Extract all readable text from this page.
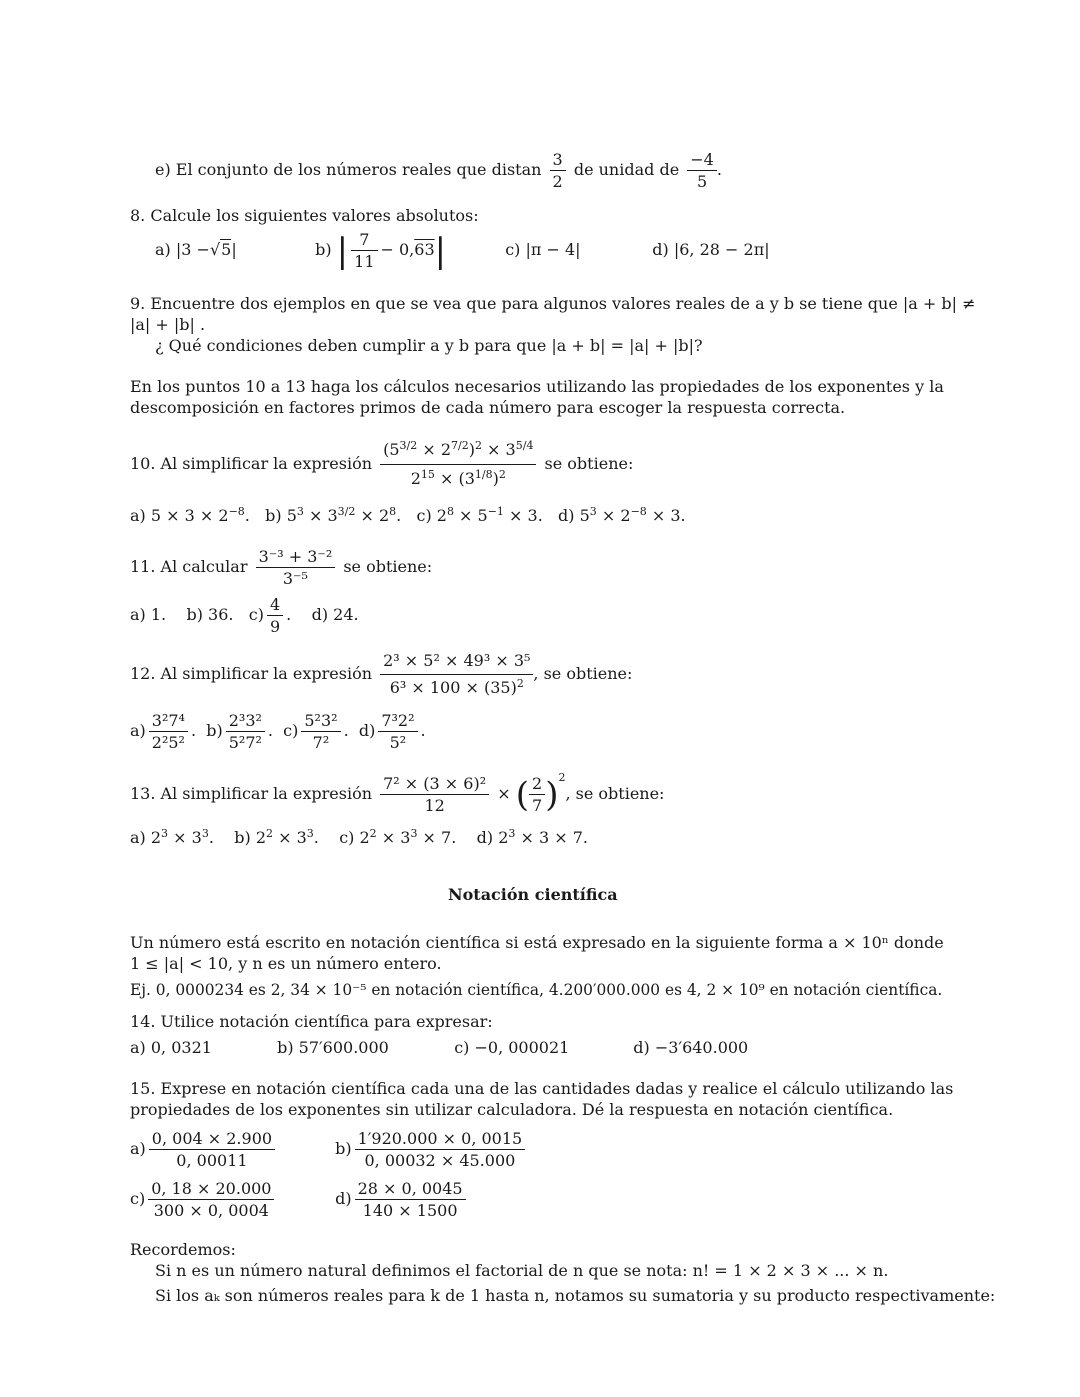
e) El conjunto de los números reales que distan $\frac{3}{2}$ de unidad de $\frac{-4}{5}$ .
8. Calcule los siguientes valores absolutos:
a) |3 −√5|	b) | $\frac{7}{11} - 0,63|$	c) |π − 4|	d) |6, 28 − 2π|
9. Encuentre dos ejemplos en que se vea que para algunos valores reales de a y b se tiene que |a + b| ≠
|a| + |b| .
¿ Qué condiciones deben cumplir a y b para que |a + b| = |a| + |b|?
En los puntos 10 a 13 haga los cálculos necesarios utilizando las propiedades de los exponentes y la
descomposición en factores primos de cada número para escoger la respuesta correcta.
10. Al simplificar la expresión $\frac{(5^{3/2} \times 2^{7/2})^2 \times 3^{5/4}}{2^{15} \times (3^{1/8})^2}$ se obtiene:
a) $5 \times 3 \times 2^{-8}$. b) $5^3 \times 3^{3/2} \times 2^8$. c) $2^8 \times 5^{-1} \times 3$. d) $5^3 \times 2^{-8} \times 3$.
11. Al calcular $\frac{\text{3⁻³ + 3⁻²}}{\text{3⁻⁵}}$ se obtiene:
a) 1. b) 36. $c) \frac{4}{9}$ . d) 24.
12. Al simplificar la expresión $\frac{\text{2³ × 5² × 49³ × 3⁵}}{6^3 \times 100 \times (35)^2}$ , se obtiene:
$a) \frac{\text{3²7⁴}}{\text{2²5²}}$ . $b) \frac{\text{2³3²}}{\text{5²7²}}$ . $c) \frac{\text{5²3²}}{\text{7²}}$ . $d) \frac{\text{7³2²}}{\text{5²}}$ .
13. Al simplificar la expresión $\frac{\text{7² × (3 × 6)²}}{12}$ × ( $\frac{2}{7} )^2$, se obtiene:
a) $2^3 \times 3^3$. b) $2^2 \times 3^3$. c) $2^2 \times 3^3 \times 7$. d) $2^3 \times 3 \times 7$.
Notación científica
Un número está escrito en notación científica si está expresado en la siguiente forma a × 10ⁿ donde
1 ≤ |a| < 10, y n es un número entero.
Ej. 0, 0000234 es 2, 34 × 10⁻⁵ en notación científica, 4.200′000.000 es 4, 2 × 10⁹ en notación científica.
14. Utilice notación científica para expresar:
a) 0, 0321	b) 57′600.000	c) −0, 000021	d) −3′640.000
15. Exprese en notación científica cada una de las cantidades dadas y realice el cálculo utilizando las
propiedades de los exponentes sin utilizar calculadora. Dé la respuesta en notación científica.
$a) \frac{0, 004 \times 2.900}{0, 00011}$	$b) \frac{1'920.000 \times 0, 0015}{0, 00032 \times 45.000}$
$c) \frac{0, 18 \times 20.000}{300 \times 0, 0004}$	$d) \frac{28 \times 0, 0045}{140 \times 1500}$
Recordemos:
Si n es un número natural definimos el factorial de n que se nota: n! = 1 × 2 × 3 × ... × n.
Si los aₖ son números reales para k de 1 hasta n, notamos su sumatoria y su producto respectivamente:
